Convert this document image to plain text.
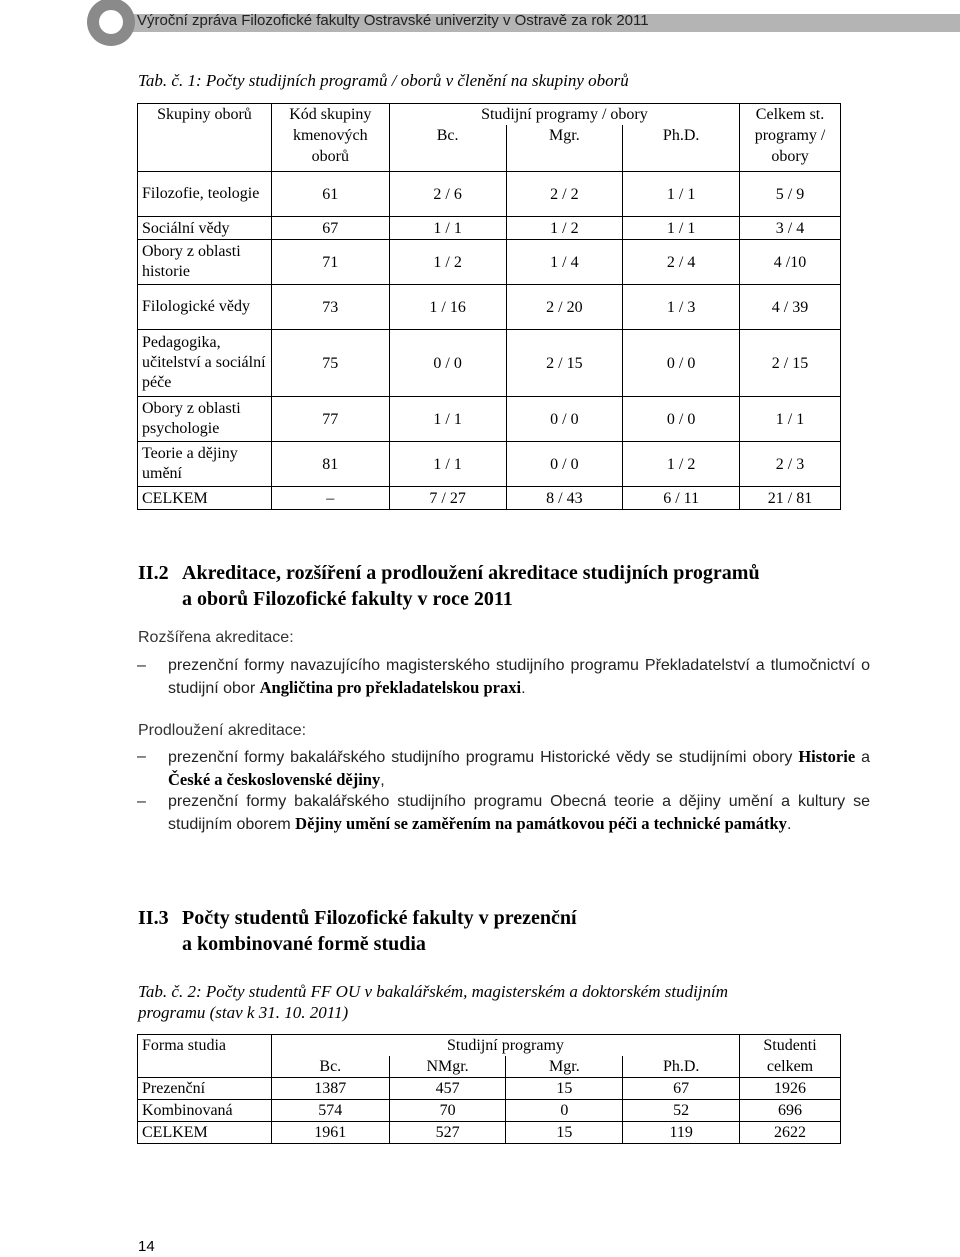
Výroční zpráva Filozofické fakulty Ostravské univerzity v Ostravě za rok 2011
Tab. č. 1: Počty studijních programů / oborů v členění na skupiny oborů
Skupiny oborů	Kód skupiny kmenových oborů	Studijní programy / obory			Celkem st. programy / obory
		Bc.	Mgr.	Ph.D.	
Filozofie, teologie	61	2 / 6	2 / 2	1 / 1	5 / 9
Sociální vědy	67	1 / 1	1 / 2	1 / 1	3 / 4
Obory z oblasti historie	71	1 / 2	1 / 4	2 / 4	4 /10
Filologické vědy	73	1 / 16	2 / 20	1 / 3	4 / 39
Pedagogika, učitelství a sociální péče	75	0 / 0	2 / 15	0 / 0	2 / 15
Obory z oblasti psychologie	77	1 / 1	0 / 0	0 / 0	1 / 1
Teorie a dějiny umění	81	1 / 1	0 / 0	1 / 2	2 / 3
CELKEM	–	7 / 27	8 / 43	6 / 11	21 / 81
II.2 Akreditace, rozšíření a prodloužení akreditace studijních programů
a oborů Filozofické fakulty v roce 2011
Rozšířena akreditace:
–	prezenční formy navazujícího magisterského studijního programu Překladatelství a tlumočnictví o studijní obor Angličtina pro překladatelskou praxi.
Prodloužení akreditace:
–	prezenční formy bakalářského studijního programu Historické vědy se studijními obory Historie a České a československé dějiny,
–	prezenční formy bakalářského studijního programu Obecná teorie a dějiny umění a kultury se studijním oborem Dějiny umění se zaměřením na památkovou péči a technické památky.
II.3 Počty studentů Filozofické fakulty v prezenční
a kombinované formě studia
Tab. č. 2: Počty studentů FF OU v bakalářském, magisterském a doktorském studijním
programu (stav k 31. 10. 2011)
Forma studia	Studijní programy				Studenti celkem
	Bc.	NMgr.	Mgr.	Ph.D.	
Prezenční	1387	457	15	67	1926
Kombinovaná	574	70	0	52	696
CELKEM	1961	527	15	119	2622
14
